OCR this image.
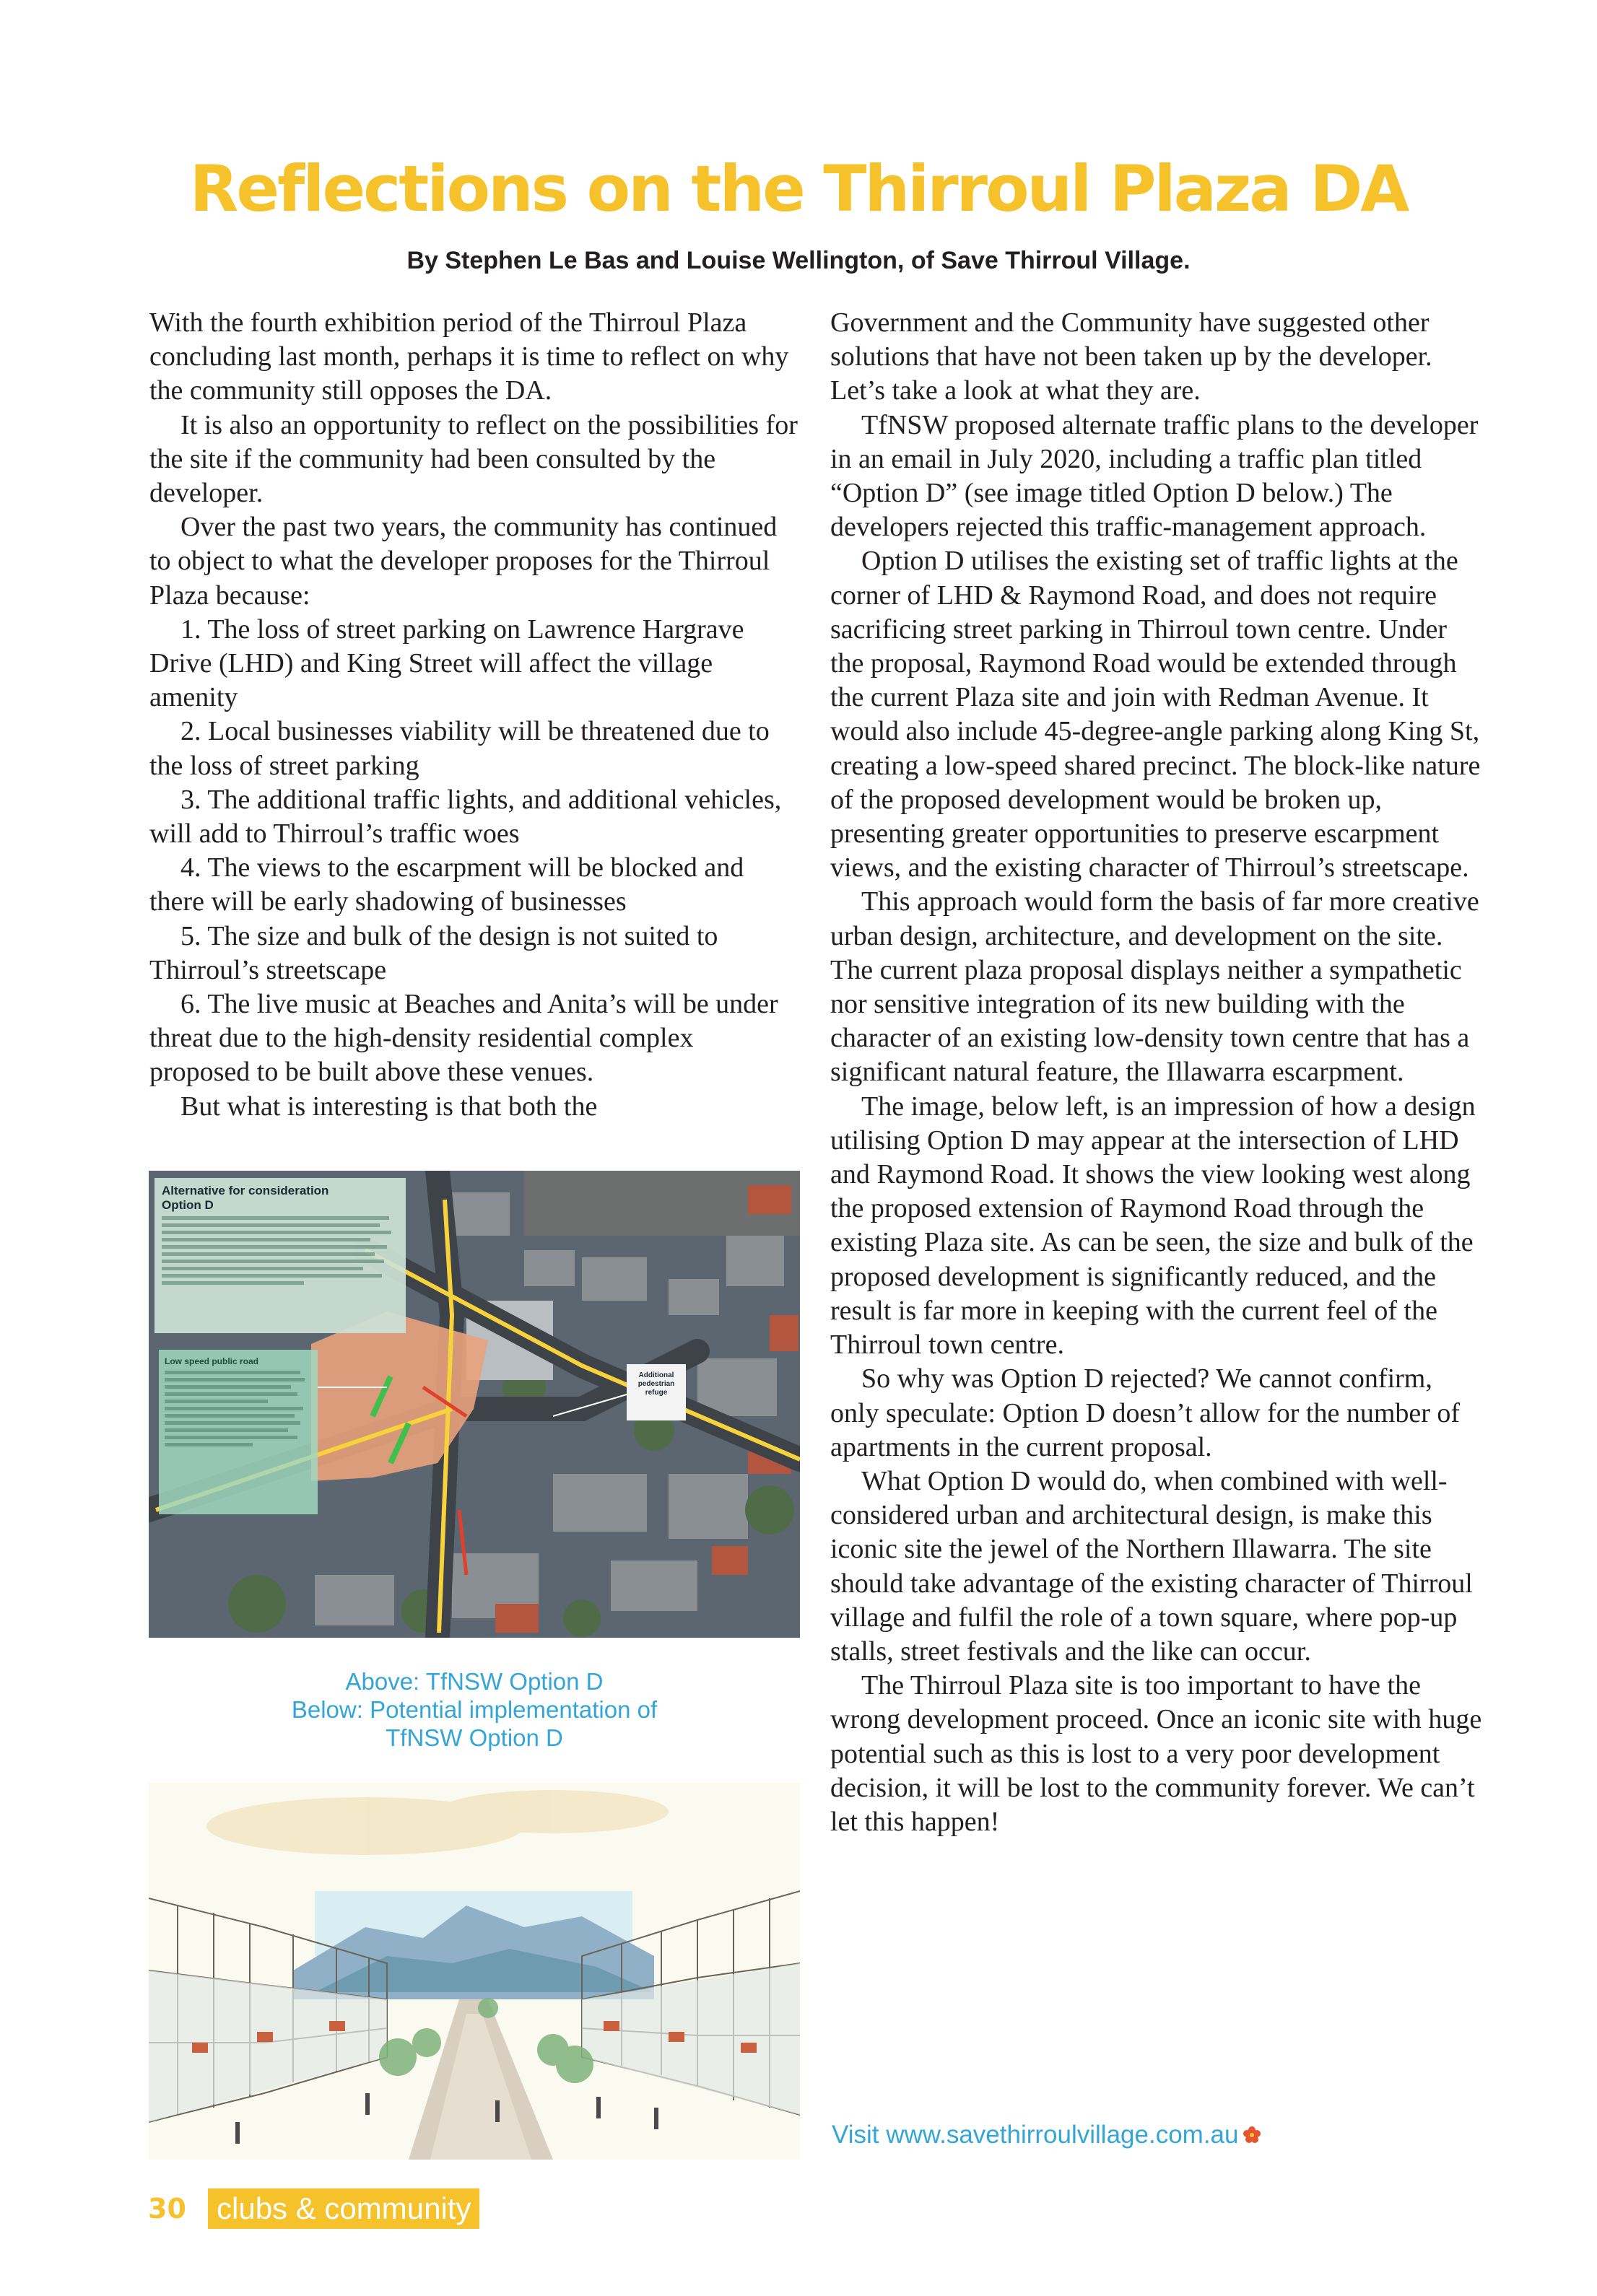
Reflections on the Thirroul Plaza DA
By Stephen Le Bas and Louise Wellington, of Save Thirroul Village.

With the fourth exhibition period of the Thirroul Plaza concluding last month, perhaps it is time to reflect on why the community still opposes the DA.

It is also an opportunity to reflect on the possibilities for the site if the community had been consulted by the developer.

Over the past two years, the community has continued to object to what the developer proposes for the Thirroul Plaza because:

1. The loss of street parking on Lawrence Hargrave Drive (LHD) and King Street will affect the village amenity

2. Local businesses viability will be threatened due to the loss of street parking

3. The additional traffic lights, and additional vehicles, will add to Thirroul’s traffic woes

4. The views to the escarpment will be blocked and there will be early shadowing of businesses

5. The size and bulk of the design is not suited to Thirroul’s streetscape

6. The live music at Beaches and Anita’s will be under threat due to the high-density residential complex proposed to be built above these venues.

But what is interesting is that both the

Government and the Community have suggested other solutions that have not been taken up by the developer. Let’s take a look at what they are.

TfNSW proposed alternate traffic plans to the developer in an email in July 2020, including a traffic plan titled “Option D” (see image titled Option D below.) The developers rejected this traffic-management approach.

Option D utilises the existing set of traffic lights at the corner of LHD & Raymond Road, and does not require sacrificing street parking in Thirroul town centre. Under the proposal, Raymond Road would be extended through the current Plaza site and join with Redman Avenue. It would also include 45-degree-angle parking along King St, creating a low-speed shared precinct. The block-like nature of the proposed development would be broken up, presenting greater opportunities to preserve escarpment views, and the existing character of Thirroul’s streetscape.

This approach would form the basis of far more creative urban design, architecture, and development on the site. The current plaza proposal displays neither a sympathetic nor sensitive integration of its new building with the character of an existing low-density town centre that has a significant natural feature, the Illawarra escarpment.

The image, below left, is an impression of how a design utilising Option D may appear at the intersection of LHD and Raymond Road. It shows the view looking west along the proposed extension of Raymond Road through the existing Plaza site. As can be seen, the size and bulk of the proposed development is significantly reduced, and the result is far more in keeping with the current feel of the Thirroul town centre.

So why was Option D rejected? We cannot confirm, only speculate: Option D doesn’t allow for the number of apartments in the current proposal.

What Option D would do, when combined with well-considered urban and architectural design, is make this iconic site the jewel of the Northern Illawarra. The site should take advantage of the existing character of Thirroul village and fulfil the role of a town square, where pop-up stalls, street festivals and the like can occur.

The Thirroul Plaza site is too important to have the wrong development proceed. Once an iconic site with huge potential such as this is lost to a very poor development decision, it will be lost to the community forever. We can’t let this happen!

Alternative for consideration
Option D
Low speed public road
Additional pedestrian refuge
Above: TfNSW Option D
Below: Potential implementation of
TfNSW Option D
Visit www.savethirroulvillage.com.au
30 clubs & community
